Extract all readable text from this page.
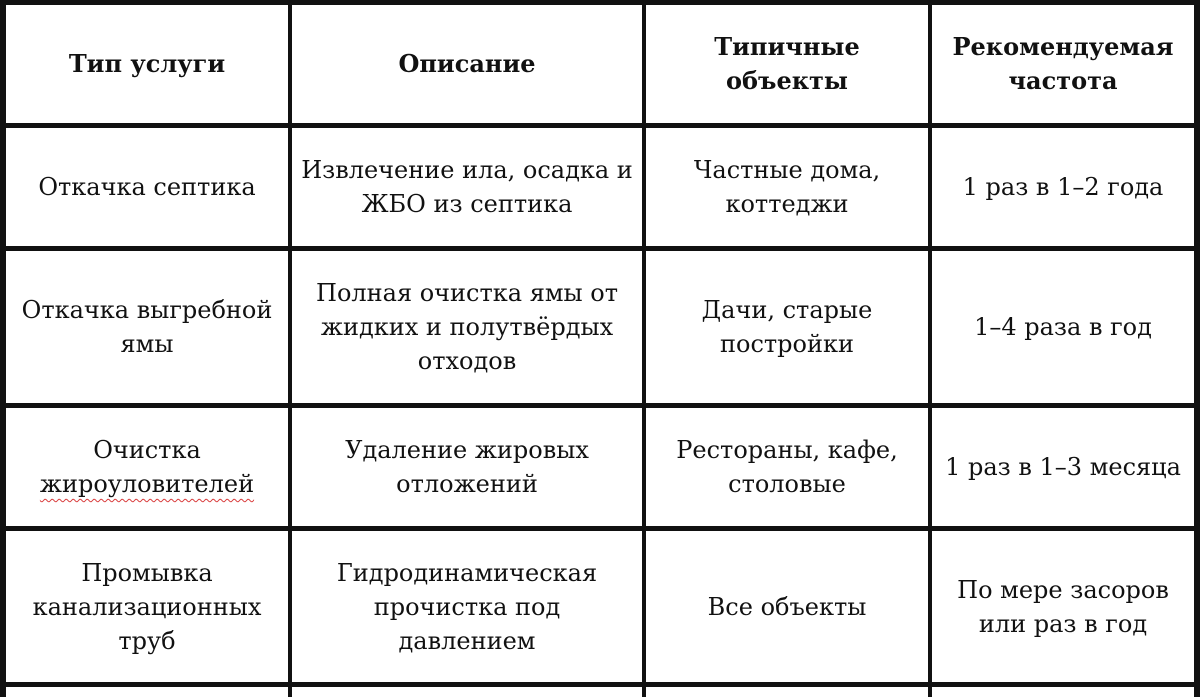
Тип услуги	Описание
Типичные
объекты
Рекомендуемая
частота
Откачка септика
Извлечение ила, осадка и
ЖБО из септика
Частные дома,
коттеджи
1 раз в 1–2 года
Откачка выгребной
ямы
Полная очистка ямы от
жидких и полутвёрдых
отходов
Дачи, старые
постройки
1–4 раза в год
Очистка
жироуловителей
Удаление жировых
отложений
Рестораны, кафе,
столовые
1 раз в 1–3 месяца
Промывка
канализационных
труб
Гидродинамическая
прочистка под
давлением
Все объекты
По мере засоров
или раз в год
